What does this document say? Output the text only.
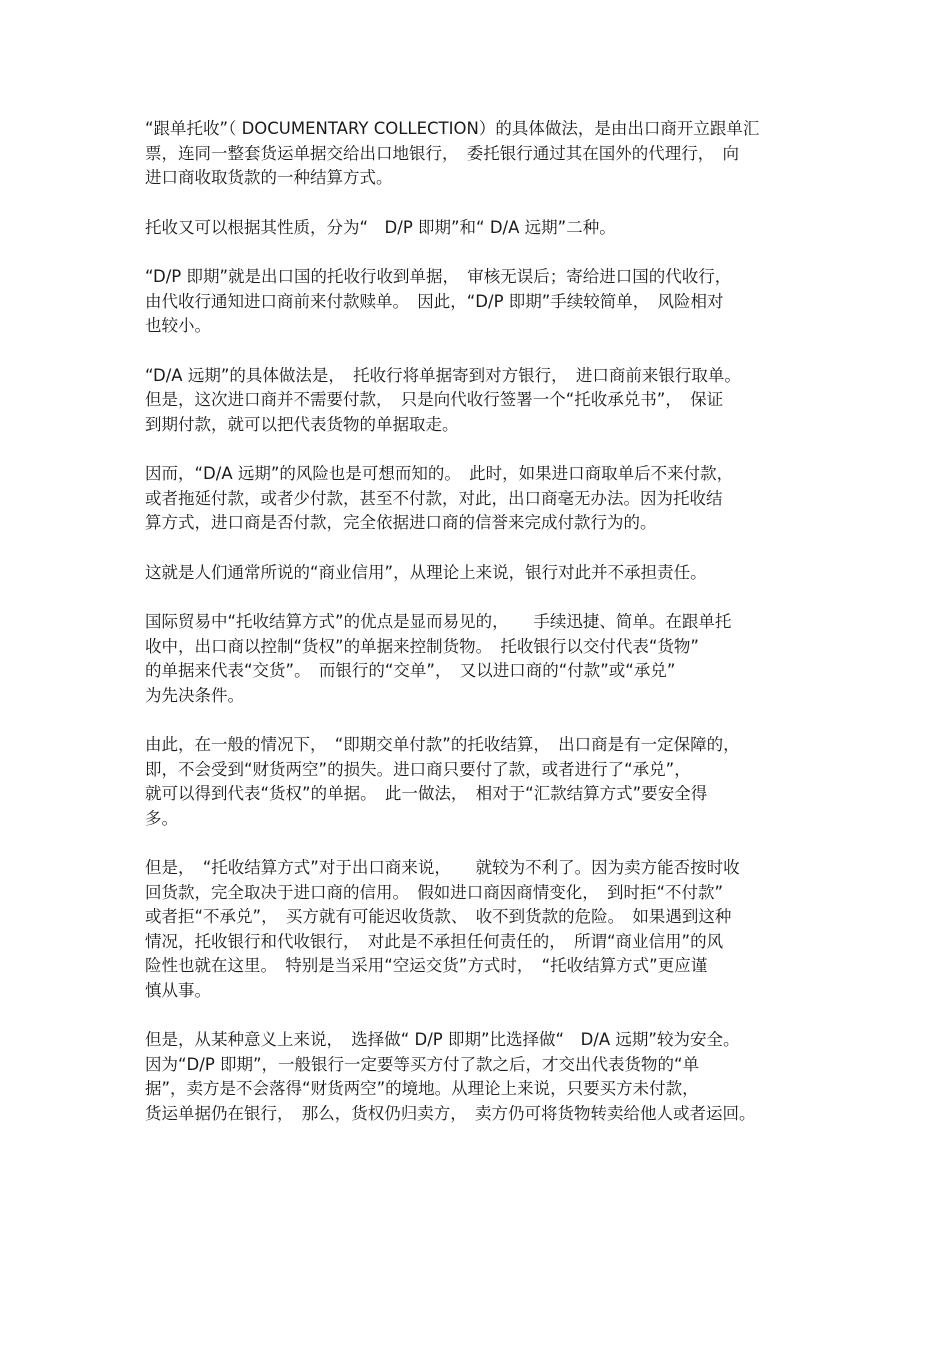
“跟单托收”（ DOCUMENTARY COLLECTION）的具体做法，是由出口商开立跟单汇
票，连同一整套货运单据交给出口地银行，　委托银行通过其在国外的代理行，　向
进口商收取货款的一种结算方式。
托收又可以根据其性质，分为“　D/P 即期”和“ D/A 远期”二种。
“D/P 即期”就是出口国的托收行收到单据，　审核无误后；寄给进口国的代收行，
由代收行通知进口商前来付款赎单。　因此，“D/P 即期”手续较简单，　风险相对
也较小。
“D/A 远期”的具体做法是，　托收行将单据寄到对方银行，　进口商前来银行取单。
但是，这次进口商并不需要付款，　只是向代收行签署一个“托收承兑书”，　保证
到期付款，就可以把代表货物的单据取走。
因而，“D/A 远期”的风险也是可想而知的。　此时，如果进口商取单后不来付款，
或者拖延付款，或者少付款，甚至不付款，对此，出口商毫无办法。因为托收结
算方式，进口商是否付款，完全依据进口商的信誉来完成付款行为的。
这就是人们通常所说的“商业信用”，从理论上来说，银行对此并不承担责任。
国际贸易中“托收结算方式”的优点是显而易见的，　　手续迅捷、简单。在跟单托
收中，出口商以控制“货权”的单据来控制货物。　托收银行以交付代表“货物”
的单据来代表“交货”。　而银行的“交单”，　又以进口商的“付款”或“承兑”
为先决条件。
由此，在一般的情况下，　“即期交单付款”的托收结算，　出口商是有一定保障的，
即，不会受到“财货两空”的损失。进口商只要付了款，或者进行了“承兑”，
就可以得到代表“货权”的单据。　此一做法，　相对于“汇款结算方式”要安全得
多。
但是，　“托收结算方式”对于出口商来说，　　就较为不利了。因为卖方能否按时收
回货款，完全取决于进口商的信用。　假如进口商因商情变化，　到时拒“不付款”
或者拒“不承兑”，　买方就有可能迟收货款、　收不到货款的危险。　如果遇到这种
情况，托收银行和代收银行，　对此是不承担任何责任的，　所谓“商业信用”的风
险性也就在这里。　特别是当采用“空运交货”方式时，　“托收结算方式”更应谨
慎从事。
但是，从某种意义上来说，　选择做“ D/P 即期”比选择做“　D/A 远期”较为安全。
因为“D/P 即期”，一般银行一定要等买方付了款之后，才交出代表货物的“单
据”，卖方是不会落得“财货两空”的境地。从理论上来说，只要买方未付款，
货运单据仍在银行，　那么，货权仍归卖方，　卖方仍可将货物转卖给他人或者运回。
